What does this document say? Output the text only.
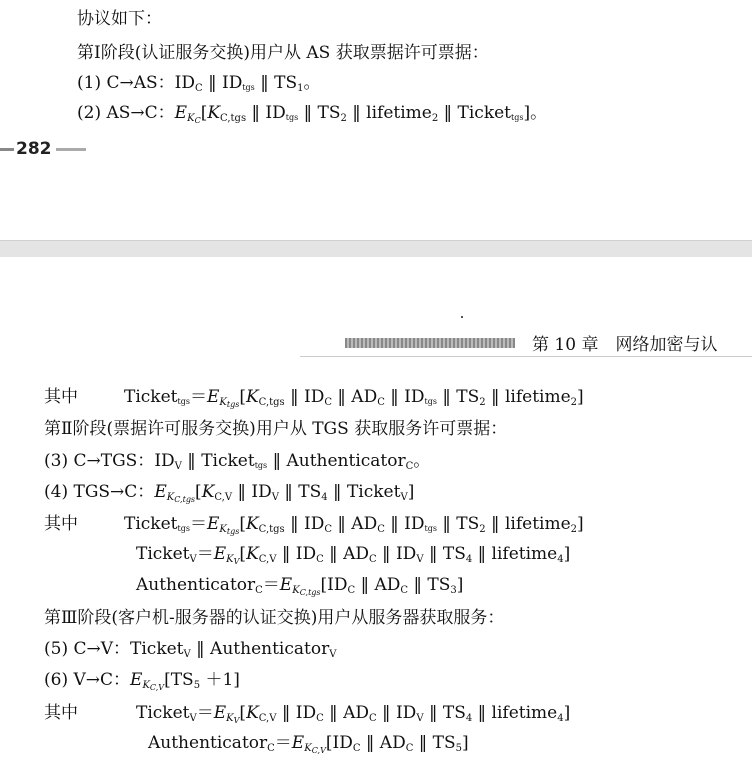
协议如下：
第Ⅰ阶段(认证服务交换)用户从 AS 获取票据许可票据：
(1) C→AS：$ID_C$ ‖ IDtgs ‖ $TS_1$。
(2) AS→C：$E_{K_C}[K_{C,tgs}$ ‖ IDtgs ‖ $TS_2$ ‖ lifetime$_2$ ‖ Tickettgs]。
282
第 10 章　网络加密与认
其中	$Tickettgs=E_{K_{tgs}}[K_{C,tgs}$ ‖ $ID_C$ ‖ $AD_C$ ‖ IDtgs ‖ $TS_2$ ‖ lifetime$_2$]
第Ⅱ阶段(票据许可服务交换)用户从 TGS 获取服务许可票据：
(3) C→TGS：$ID_V$ ‖ Tickettgs ‖ Authenticator$_C$。
(4) TGS→C：$E_{K_{C,tgs}}[K_{C,V}$ ‖ $ID_V$ ‖ $TS_4$ ‖ Ticket$_V$]
其中	$Tickettgs=E_{K_{tgs}}[K_{C,tgs}$ ‖ $ID_C$ ‖ $AD_C$ ‖ IDtgs ‖ $TS_2$ ‖ lifetime$_2$]
$Ticket_V=E_{K_V}[K_{C,V}$ ‖ $ID_C$ ‖ $AD_C$ ‖ $ID_V$ ‖ $TS_4$ ‖ lifetime$_4$]
$Authenticator_C=E_{K_{C,tgs}}[ID_C$ ‖ $AD_C$ ‖ $TS_3$]
第Ⅲ阶段(客户机-服务器的认证交换)用户从服务器获取服务：
(5) C→V：Ticket$_V$ ‖ Authenticator$_V$
(6) V→C：$E_{K_{C,V}}[TS_5 +1]$
其中	$Ticket_V=E_{K_V}[K_{C,V}$ ‖ $ID_C$ ‖ $AD_C$ ‖ $ID_V$ ‖ $TS_4$ ‖ lifetime$_4$]
$Authenticator_C=E_{K_{C,V}}[ID_C$ ‖ $AD_C$ ‖ $TS_5$]
